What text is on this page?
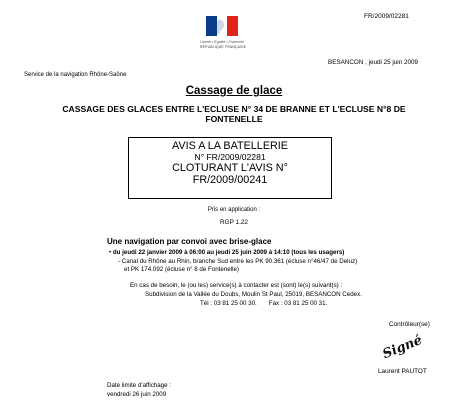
Liberté • Égalité • Fraternité
RÉPUBLIQUE FRANÇAISE
FR/2009/02281
BESANCON , jeudi 25 juin 2009
Service de la navigation Rhône-Saône
Cassage de glace
CASSAGE DES GLACES ENTRE L'ECLUSE N° 34 DE BRANNE ET L'ECLUSE N°8 DE FONTENELLE
AVIS A LA BATELLERIE
N° FR/2009/02281
CLOTURANT L'AVIS N°
FR/2009/00241
Pris en application :
RGP 1.22
Une navigation par convoi avec brise-glace
• du jeudi 22 janvier 2009 à 06:00 au jeudi 25 juin 2009 à 14:10 (tous les usagers)
- Canal du Rhône au Rhin, branche Sud entre les PK 90.361 (écluse n°46/47 de Deluz)
et PK 174.092 (écluse n° 8 de Fontenelle)
En cas de besoin, le (ou les) service(s) à contacter est (sont) le(s) suivant(s) :
Subdivision de la Vallée du Doubs, Moulin St Paul, 25019, BESANCON Cedex.
Tél : 03 81 25 00 30.       Fax : 03 81 25 00 31.
Contrôleur(se)
Signé
Laurent PAUTOT
Date limite d'affichage :
vendredi 26 juin 2009
